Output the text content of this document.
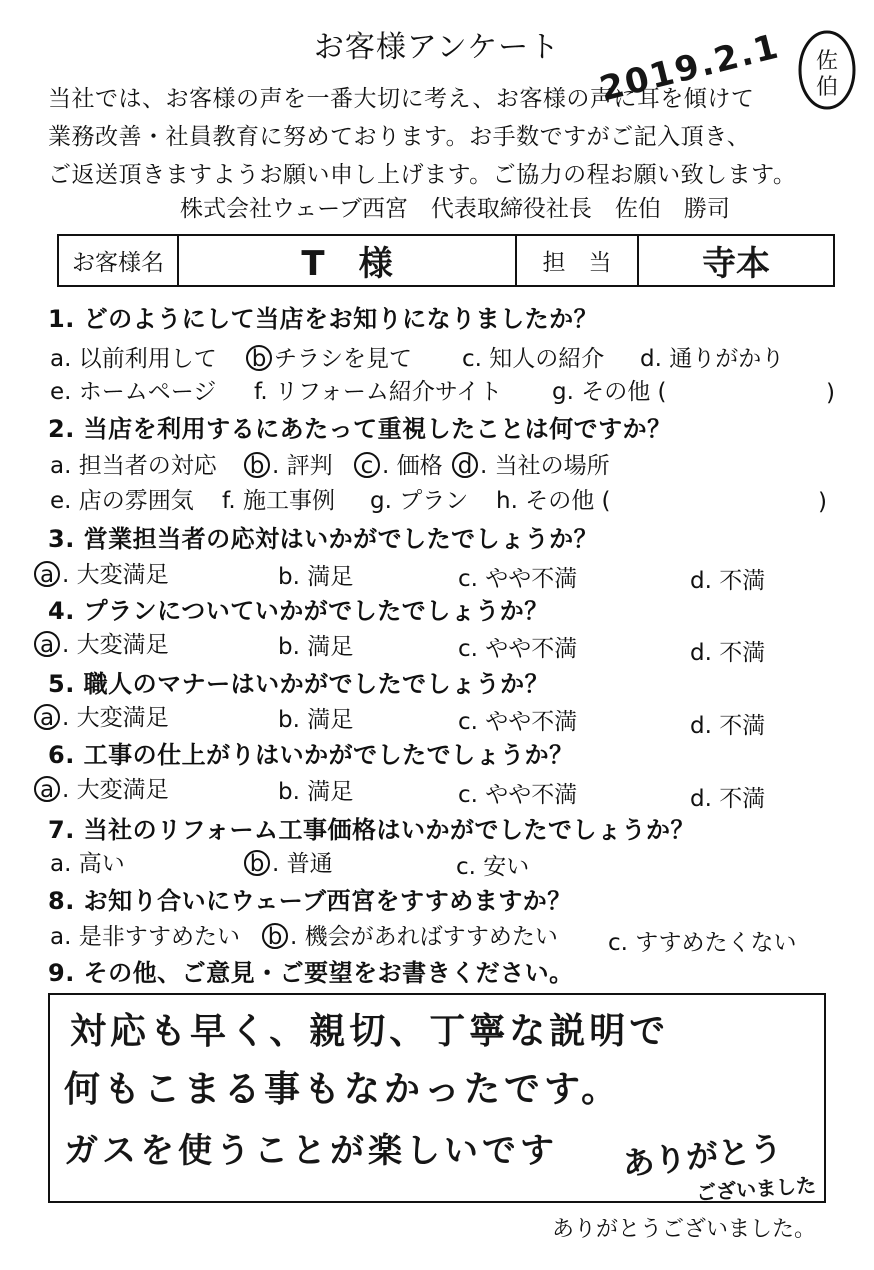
お客様アンケート	2019.2.1 佐
伯
当社では、お客様の声を一番大切に考え、お客様の声に耳を傾けて
業務改善・社員教育に努めております。お手数ですがご記入頂き、
ご返送頂きますようお願い申し上げます。ご協力の程お願い致します。
株式会社ウェーブ西宮　代表取締役社長　佐伯　勝司
お客様名	T　様	担　当	寺本
1. どのようにして当店をお知りになりましたか？
a. 以前利用して b チラシを見て c. 知人の紹介 d. 通りがかり
e. ホームページ f. リフォーム紹介サイト g. その他 (	)
2. 当店を利用するにあたって重視したことは何ですか？
a. 担当者の対応 b . 評判 c . 価格 d . 当社の場所
e. 店の雰囲気 f. 施工事例 g. プラン h. その他 (	)
3. 営業担当者の応対はいかがでしたでしょうか？
a . 大変満足	b. 満足	c. やや不満	d. 不満
4. プランについていかがでしたでしょうか？
a . 大変満足	b. 満足	c. やや不満	d. 不満
5. 職人のマナーはいかがでしたでしょうか？
a . 大変満足	b. 満足	c. やや不満	d. 不満
6. 工事の仕上がりはいかがでしたでしょうか？
a . 大変満足	b. 満足	c. やや不満	d. 不満
7. 当社のリフォーム工事価格はいかがでしたでしょうか？
a. 高い	b . 普通	c. 安い
8. お知り合いにウェーブ西宮をすすめますか？
a. 是非すすめたい b . 機会があればすすめたい c. すすめたくない
9. その他、ご意見・ご要望をお書きください。
対応も早く、親切、丁寧な説明で
何もこまる事もなかったです。
ガスを使うことが楽しいです ありがとう
ございました
ありがとうございました。
